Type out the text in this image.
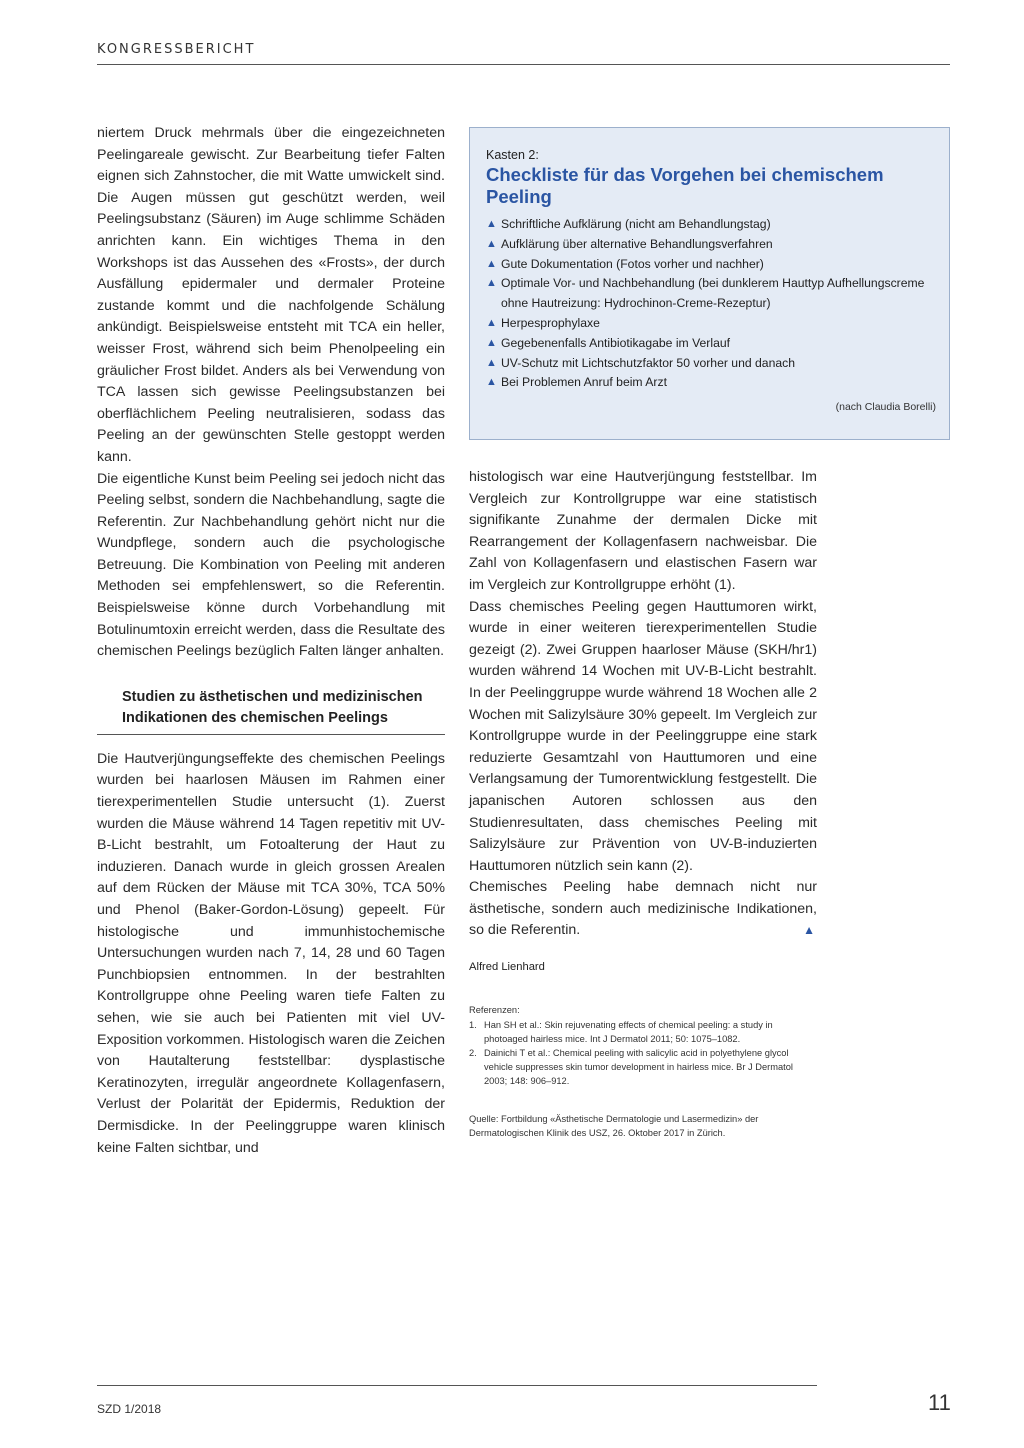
KONGRESSBERICHT

niertem Druck mehrmals über die eingezeichneten Peelingareale gewischt. Zur Bearbeitung tiefer Falten eignen sich Zahnstocher, die mit Watte umwickelt sind. Die Augen müssen gut geschützt werden, weil Peelingsubstanz (Säuren) im Auge schlimme Schäden anrichten kann. Ein wichtiges Thema in den Workshops ist das Aussehen des «Frosts», der durch Ausfällung epidermaler und dermaler Proteine zustande kommt und die nachfolgende Schälung ankündigt. Beispielsweise entsteht mit TCA ein heller, weisser Frost, während sich beim Phenolpeeling ein gräulicher Frost bildet. Anders als bei Verwendung von TCA lassen sich gewisse Peelingsubstanzen bei oberflächlichem Peeling neutralisieren, sodass das Peeling an der gewünschten Stelle gestoppt werden kann.

Die eigentliche Kunst beim Peeling sei jedoch nicht das Peeling selbst, sondern die Nachbehandlung, sagte die Referentin. Zur Nachbehandlung gehört nicht nur die Wundpflege, sondern auch die psychologische Betreuung. Die Kombination von Peeling mit anderen Methoden sei empfehlenswert, so die Referentin. Beispielsweise könne durch Vorbehandlung mit Botulinumtoxin erreicht werden, dass die Resultate des chemischen Peelings bezüglich Falten länger anhalten.

Studien zu ästhetischen und medizinischen Indikationen des chemischen Peelings

Die Hautverjüngungseffekte des chemischen Peelings wurden bei haarlosen Mäusen im Rahmen einer tierexperimentellen Studie untersucht (1). Zuerst wurden die Mäuse während 14 Tagen repetitiv mit UV-B-Licht bestrahlt, um Fotoalterung der Haut zu induzieren. Danach wurde in gleich grossen Arealen auf dem Rücken der Mäuse mit TCA 30%, TCA 50% und Phenol (Baker-Gordon-Lösung) gepeelt. Für histologische und immunhistochemische Untersuchungen wurden nach 7, 14, 28 und 60 Tagen Punchbiopsien entnommen. In der bestrahlten Kontrollgruppe ohne Peeling waren tiefe Falten zu sehen, wie sie auch bei Patienten mit viel UV-Exposition vorkommen. Histologisch waren die Zeichen von Hautalterung feststellbar: dysplastische Keratinozyten, irregulär angeordnete Kollagenfasern, Verlust der Polarität der Epidermis, Reduktion der Dermisdicke. In der Peelinggruppe waren klinisch keine Falten sichtbar, und

Kasten 2:
Checkliste für das Vorgehen bei chemischem Peeling
▲ Schriftliche Aufklärung (nicht am Behandlungstag)
▲ Aufklärung über alternative Behandlungsverfahren
▲ Gute Dokumentation (Fotos vorher und nachher)
▲ Optimale Vor- und Nachbehandlung (bei dunklerem Hauttyp Aufhellungscreme ohne Hautreizung: Hydrochinon-Creme-Rezeptur)
▲ Herpesprophylaxe
▲ Gegebenenfalls Antibiotikagabe im Verlauf
▲ UV-Schutz mit Lichtschutzfaktor 50 vorher und danach
▲ Bei Problemen Anruf beim Arzt
(nach Claudia Borelli)

histologisch war eine Hautverjüngung feststellbar. Im Vergleich zur Kontrollgruppe war eine statistisch signifikante Zunahme der dermalen Dicke mit Rearrangement der Kollagenfasern nachweisbar. Die Zahl von Kollagenfasern und elastischen Fasern war im Vergleich zur Kontrollgruppe erhöht (1).

Dass chemisches Peeling gegen Hauttumoren wirkt, wurde in einer weiteren tierexperimentellen Studie gezeigt (2). Zwei Gruppen haarloser Mäuse (SKH/hr1) wurden während 14 Wochen mit UV-B-Licht bestrahlt. In der Peelinggruppe wurde während 18 Wochen alle 2 Wochen mit Salizylsäure 30% gepeelt. Im Vergleich zur Kontrollgruppe wurde in der Peelinggruppe eine stark reduzierte Gesamtzahl von Hauttumoren und eine Verlangsamung der Tumorentwicklung festgestellt. Die japanischen Autoren schlossen aus den Studienresultaten, dass chemisches Peeling mit Salizylsäure zur Prävention von UV-B-induzierten Hauttumoren nützlich sein kann (2).

Chemisches Peeling habe demnach nicht nur ästhetische, sondern auch medizinische Indikationen, so die Referentin.	▲

Alfred Lienhard
Referenzen:
1. Han SH et al.: Skin rejuvenating effects of chemical peeling: a study in photoaged hairless mice. Int J Dermatol 2011; 50: 1075–1082.
2. Dainichi T et al.: Chemical peeling with salicylic acid in polyethylene glycol vehicle suppresses skin tumor development in hairless mice. Br J Dermatol 2003; 148: 906–912.
Quelle: Fortbildung «Ästhetische Dermatologie und Lasermedizin» der Dermatologischen Klinik des USZ, 26. Oktober 2017 in Zürich.
SZD 1/2018	11
